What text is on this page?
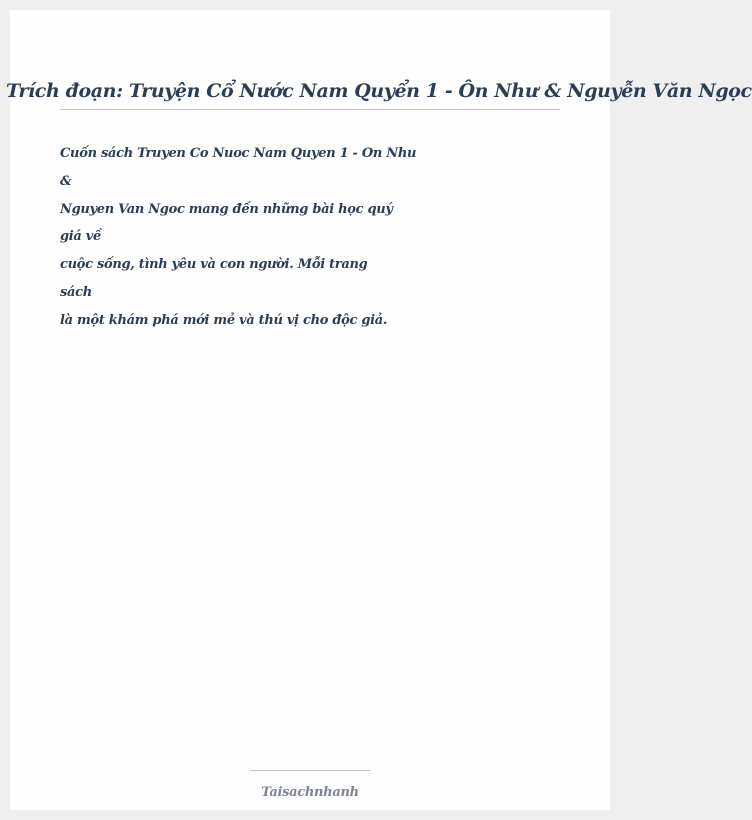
Trích đoạn: Truyện Cổ Nước Nam Quyển 1 - Ôn Như & Nguyễn Văn Ngọc
Cuốn sách Truyen Co Nuoc Nam Quyen 1 - On Nhu
&
Nguyen Van Ngoc mang đến những bài học quý
giá về
cuộc sống, tình yêu và con người. Mỗi trang
sách
là một khám phá mới mẻ và thú vị cho độc giả.
Taisachnhanh
